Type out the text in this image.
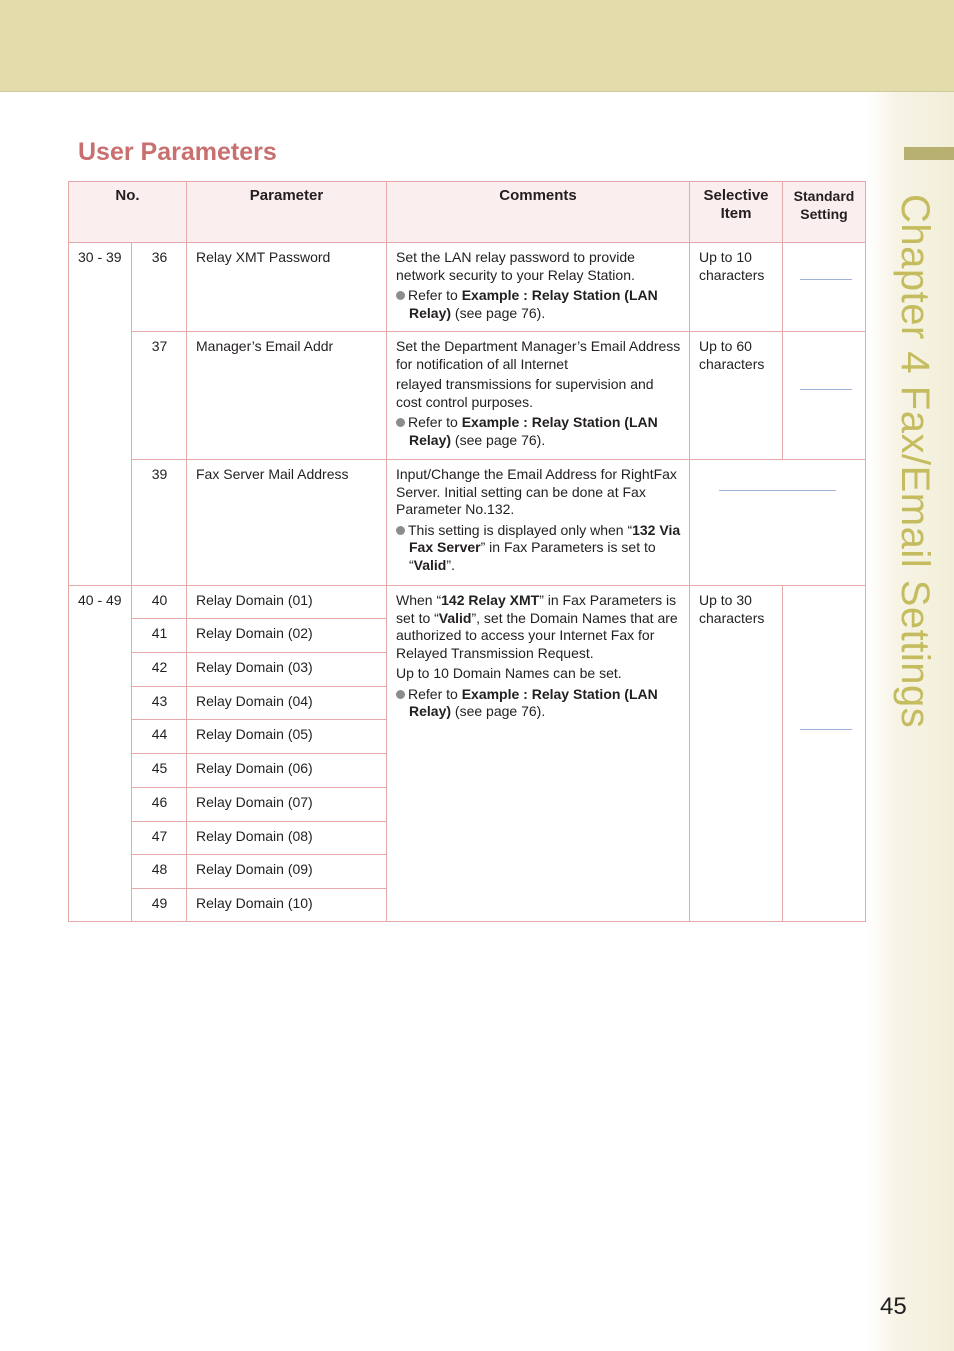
Chapter 4 Fax/Email Settings
User Parameters
No.		Parameter	Comments	Selective Item	Standard Setting
30 - 39	36	Relay XMT Password	Set the LAN relay password to provide network security to your Relay Station.

Refer to Example : Relay Station (LAN Relay) (see page 76).	Up to 10 characters	

	37	Manager’s Email Addr	Set the Department Manager’s Email Address for notification of all Internet

relayed transmissions for supervision and cost control purposes.

Refer to Example : Relay Station (LAN Relay) (see page 76).	Up to 60 characters	

	39	Fax Server Mail Address	Input/Change the Email Address for RightFax Server. Initial setting can be done at Fax Parameter No.132.

This setting is displayed only when “132 Via Fax Server” in Fax Parameters is set to “Valid”.		

40 - 49	40	Relay Domain (01)	When “142 Relay XMT” in Fax Parameters is set to “Valid”, set the Domain Names that are authorized to access your Internet Fax for Relayed Transmission Request.

Up to 10 Domain Names can be set.

Refer to Example : Relay Station (LAN Relay) (see page 76).	Up to 30 characters	

	41	Relay Domain (02)			
	42	Relay Domain (03)			
	43	Relay Domain (04)			
	44	Relay Domain (05)			
	45	Relay Domain (06)			
	46	Relay Domain (07)			
	47	Relay Domain (08)			
	48	Relay Domain (09)			
	49	Relay Domain (10)			
45
